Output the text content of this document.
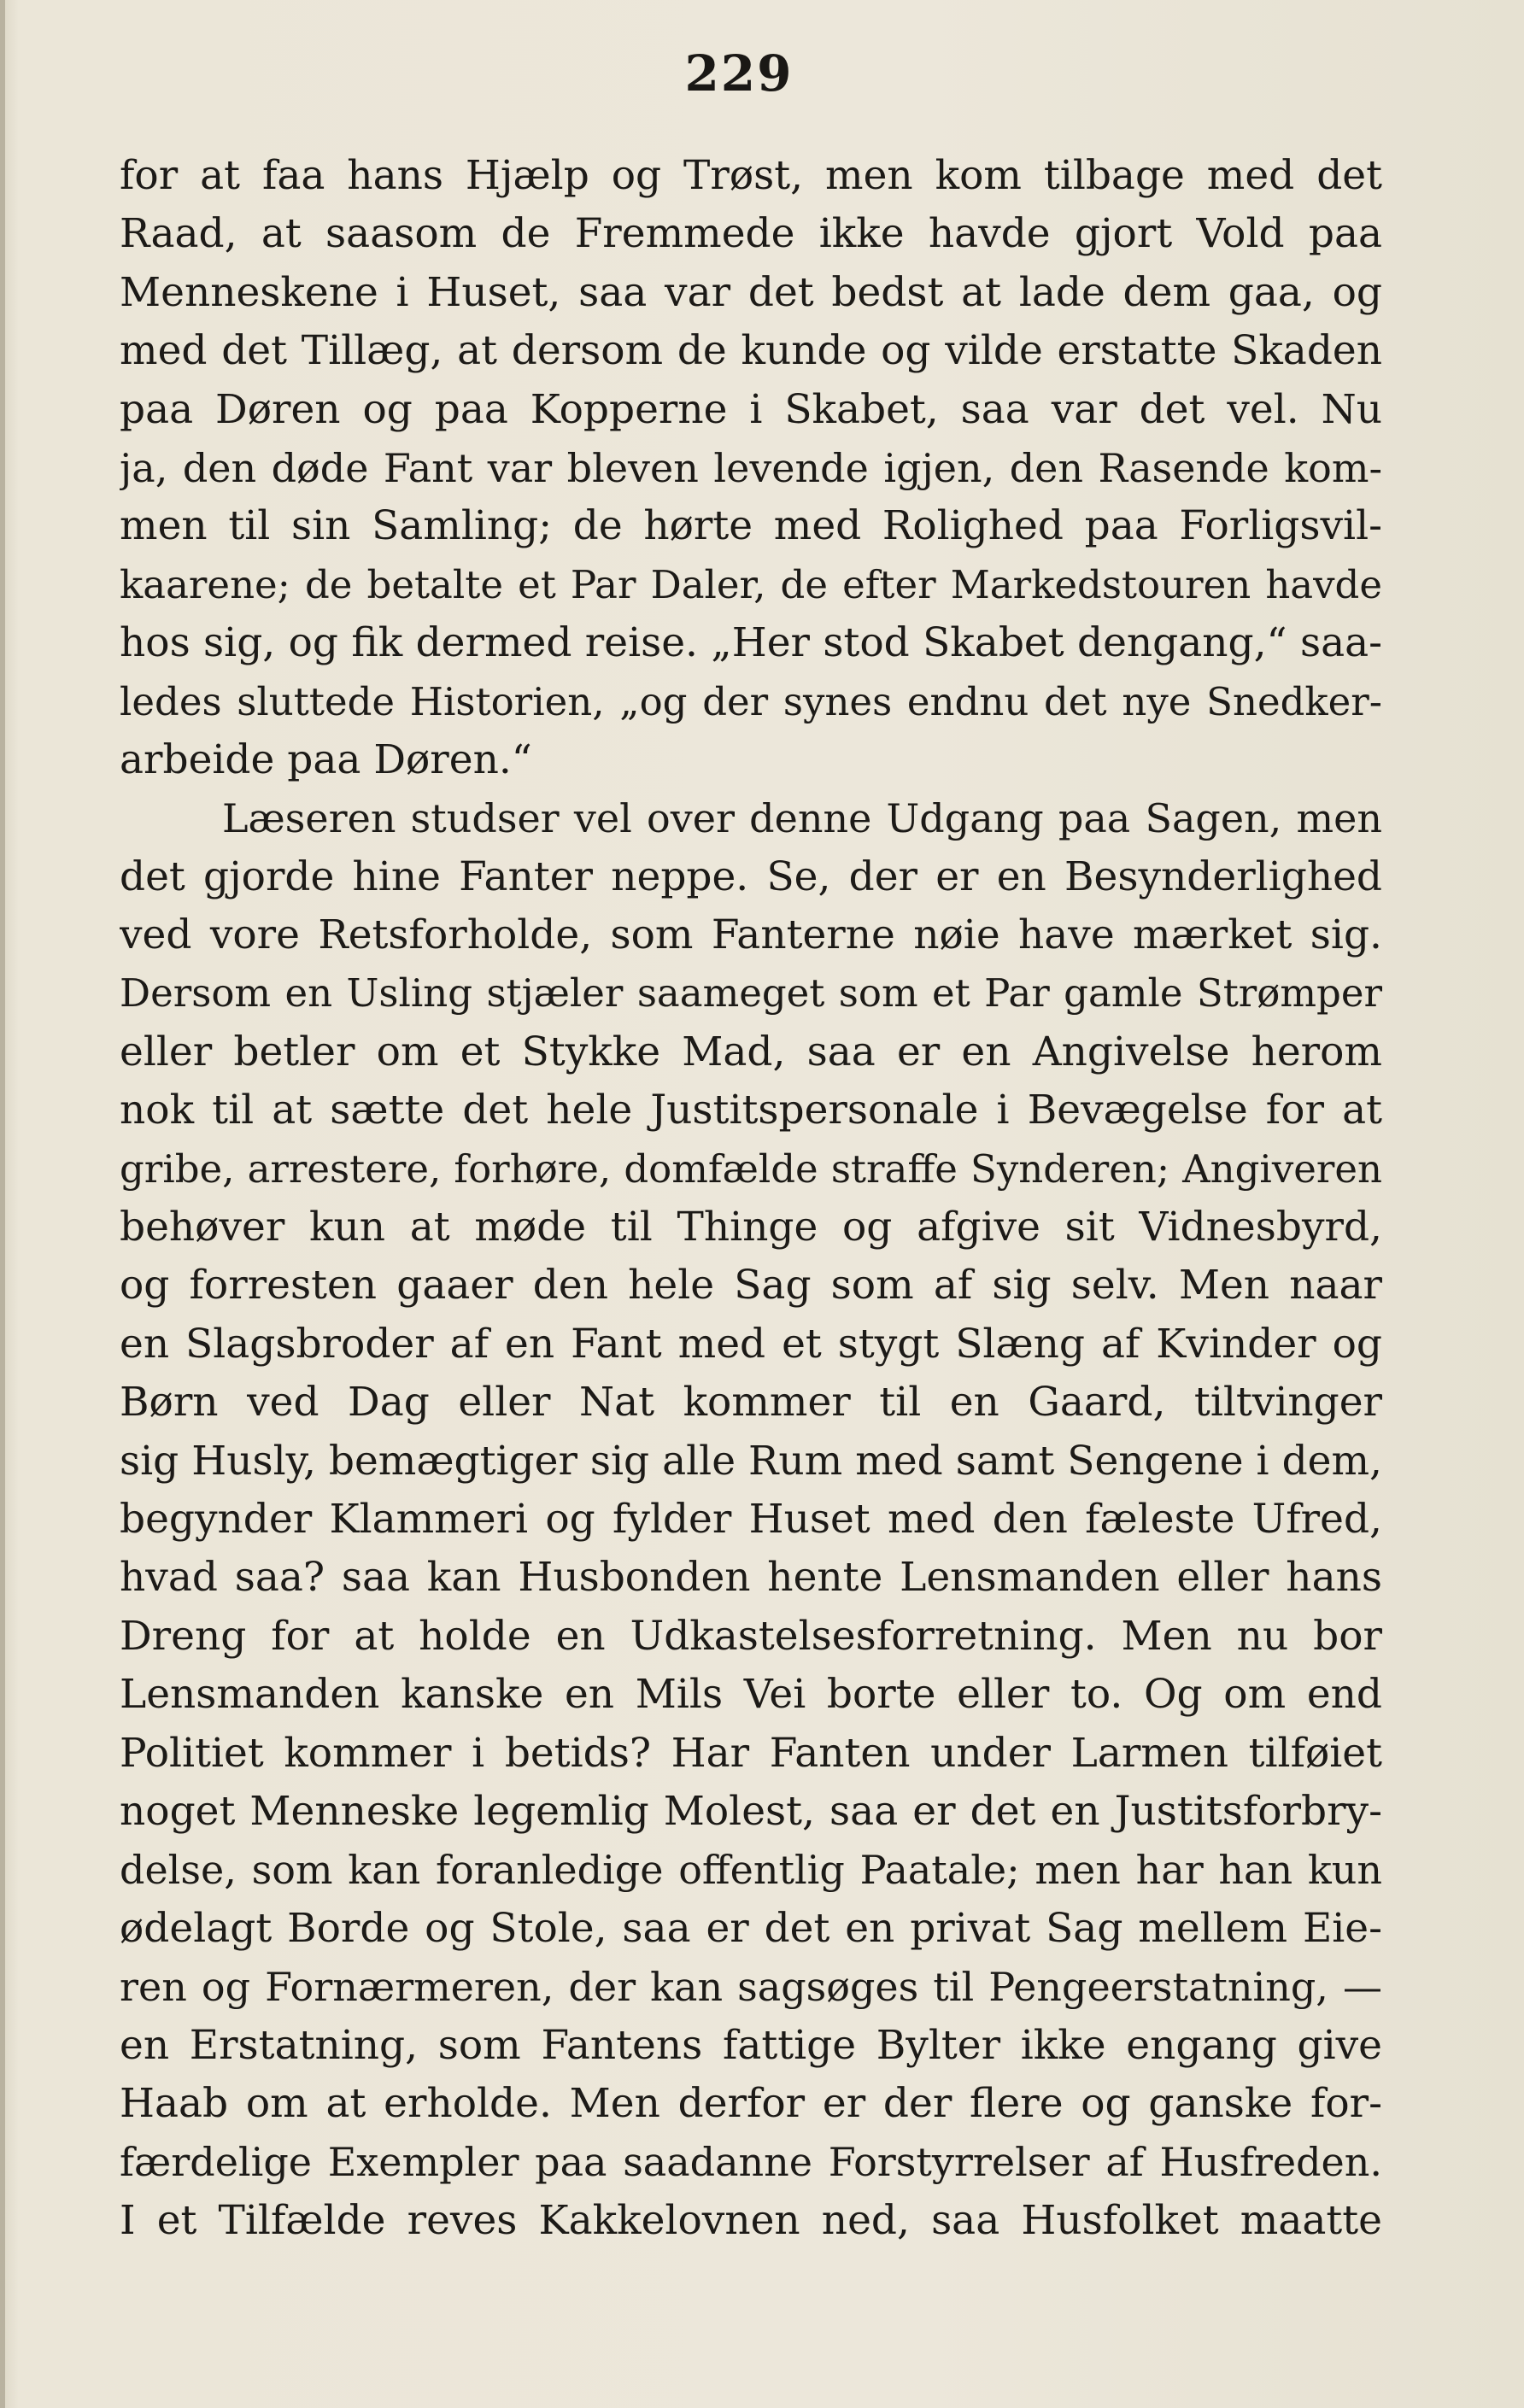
229
for at faa hans Hjælp og Trøst, men kom tilbage med det
Raad, at saasom de Fremmede ikke havde gjort Vold paa
Menneskene i Huset, saa var det bedst at lade dem gaa, og
med det Tillæg, at dersom de kunde og vilde erstatte Skaden
paa Døren og paa Kopperne i Skabet, saa var det vel. Nu
ja, den døde Fant var bleven levende igjen, den Rasende kom-
men til sin Samling; de hørte med Rolighed paa Forligsvil-
kaarene; de betalte et Par Daler, de efter Markedstouren havde
hos sig, og fik dermed reise. „Her stod Skabet dengang,“ saa-
ledes sluttede Historien, „og der synes endnu det nye Snedker-
arbeide paa Døren.“
Læseren studser vel over denne Udgang paa Sagen, men
det gjorde hine Fanter neppe. Se, der er en Besynderlighed
ved vore Retsforholde, som Fanterne nøie have mærket sig.
Dersom en Usling stjæler saameget som et Par gamle Strømper
eller betler om et Stykke Mad, saa er en Angivelse herom
nok til at sætte det hele Justitspersonale i Bevægelse for at
gribe, arrestere, forhøre, domfælde straffe Synderen; Angiveren
behøver kun at møde til Thinge og afgive sit Vidnesbyrd,
og forresten gaaer den hele Sag som af sig selv. Men naar
en Slagsbroder af en Fant med et stygt Slæng af Kvinder og
Børn ved Dag eller Nat kommer til en Gaard, tiltvinger
sig Husly, bemægtiger sig alle Rum med samt Sengene i dem,
begynder Klammeri og fylder Huset med den fæleste Ufred,
hvad saa? saa kan Husbonden hente Lensmanden eller hans
Dreng for at holde en Udkastelsesforretning. Men nu bor
Lensmanden kanske en Mils Vei borte eller to. Og om end
Politiet kommer i betids? Har Fanten under Larmen tilføiet
noget Menneske legemlig Molest, saa er det en Justitsforbry-
delse, som kan foranledige offentlig Paatale; men har han kun
ødelagt Borde og Stole, saa er det en privat Sag mellem Eie-
ren og Fornærmeren, der kan sagsøges til Pengeerstatning, —
en Erstatning, som Fantens fattige Bylter ikke engang give
Haab om at erholde. Men derfor er der flere og ganske for-
færdelige Exempler paa saadanne Forstyrrelser af Husfreden.
I et Tilfælde reves Kakkelovnen ned, saa Husfolket maatte
